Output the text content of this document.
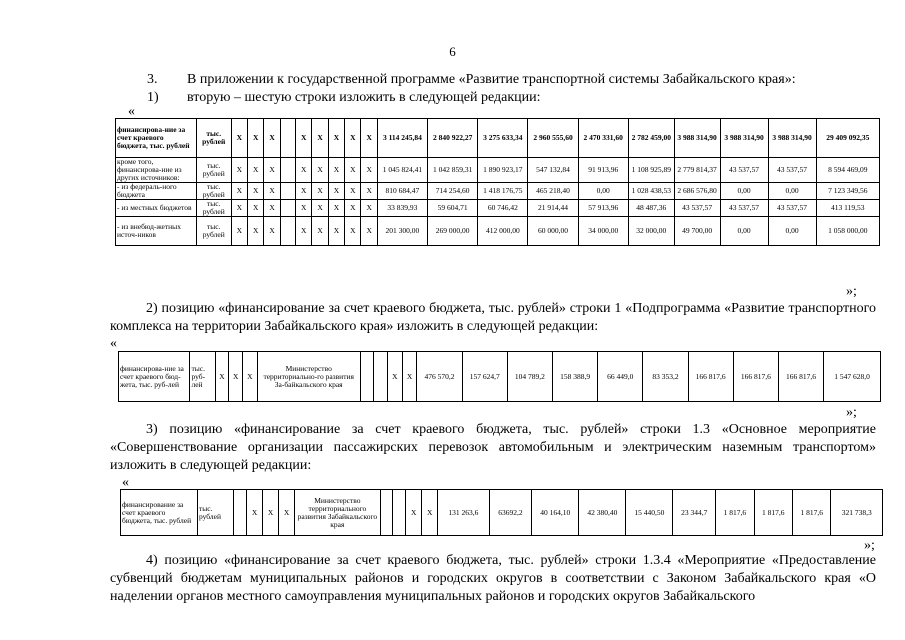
6
3. В приложении к государственной программе «Развитие транспортной системы Забайкальского края»:
1) вторую – шестую строки изложить в следующей редакции:
«
финансирова-ние за счет краевого бюджета, тыс. рублей	тыс. рублей	X	X	X		X	X	X	X	X	3 114 245,84	2 840 922,27	3 275 633,34	2 960 555,60	2 470 331,60	2 782 459,00	3 988 314,90	3 988 314,90	3 988 314,90	29 409 092,35
кроме того, финансирова-ние из других источников:	тыс. рублей	X	X	X		X	X	X	X	X	1 045 824,41	1 042 859,31	1 890 923,17	547 132,84	91 913,96	1 108 925,89	2 779 814,37	43 537,57	43 537,57	8 594 469,09
- из федераль-ного бюджета	тыс. рублей	X	X	X		X	X	X	X	X	810 684,47	714 254,60	1 418 176,75	465 218,40	0,00	1 028 438,53	2 686 576,80	0,00	0,00	7 123 349,56
- из местных бюджетов	тыс. рублей	X	X	X		X	X	X	X	X	33 839,93	59 604,71	60 746,42	21 914,44	57 913,96	48 487,36	43 537,57	43 537,57	43 537,57	413 119,53
- из внебюд-жетных источ-ников	тыс. рублей	X	X	X		X	X	X	X	X	201 300,00	269 000,00	412 000,00	60 000,00	34 000,00	32 000,00	49 700,00	0,00	0,00	1 058 000,00
»;
2) позицию «финансирование за счет краевого бюджета, тыс. рублей» строки 1 «Подпрограмма «Развитие транспортного комплекса на территории Забайкальского края» изложить в следующей редакции:
«
финансирова-ние за счет краевого бюд-жета, тыс. руб-лей	тыс. руб-лей	X	X	X	Министерство территориально-го развития За-байкальского края			X	X	476 570,2	157 624,7	104 789,2	158 388,9	66 449,0	83 353,2	166 817,6	166 817,6	166 817,6	1 547 628,0
»;
3) позицию «финансирование за счет краевого бюджета, тыс. рублей» строки 1.3 «Основное мероприятие «Совершенствование организации пассажирских перевозок автомобильным и электрическим наземным транспортом» изложить в следующей редакции:
«
финансирование за счет краевого бюджета, тыс. рублей	тыс. рублей		X	X	X	Министерство территориального развития Забайкальского края			X	X	131 263,6	63692,2	40 164,10	42 380,40	15 440,50	23 344,7	1 817,6	1 817,6	1 817,6	321 738,3
»;
4) позицию «финансирование за счет краевого бюджета, тыс. рублей» строки 1.3.4 «Мероприятие «Предоставление субвенций бюджетам муниципальных районов и городских округов в соответствии с Законом Забайкальского края «О наделении органов местного самоуправления муниципальных районов и городских округов Забайкальского
